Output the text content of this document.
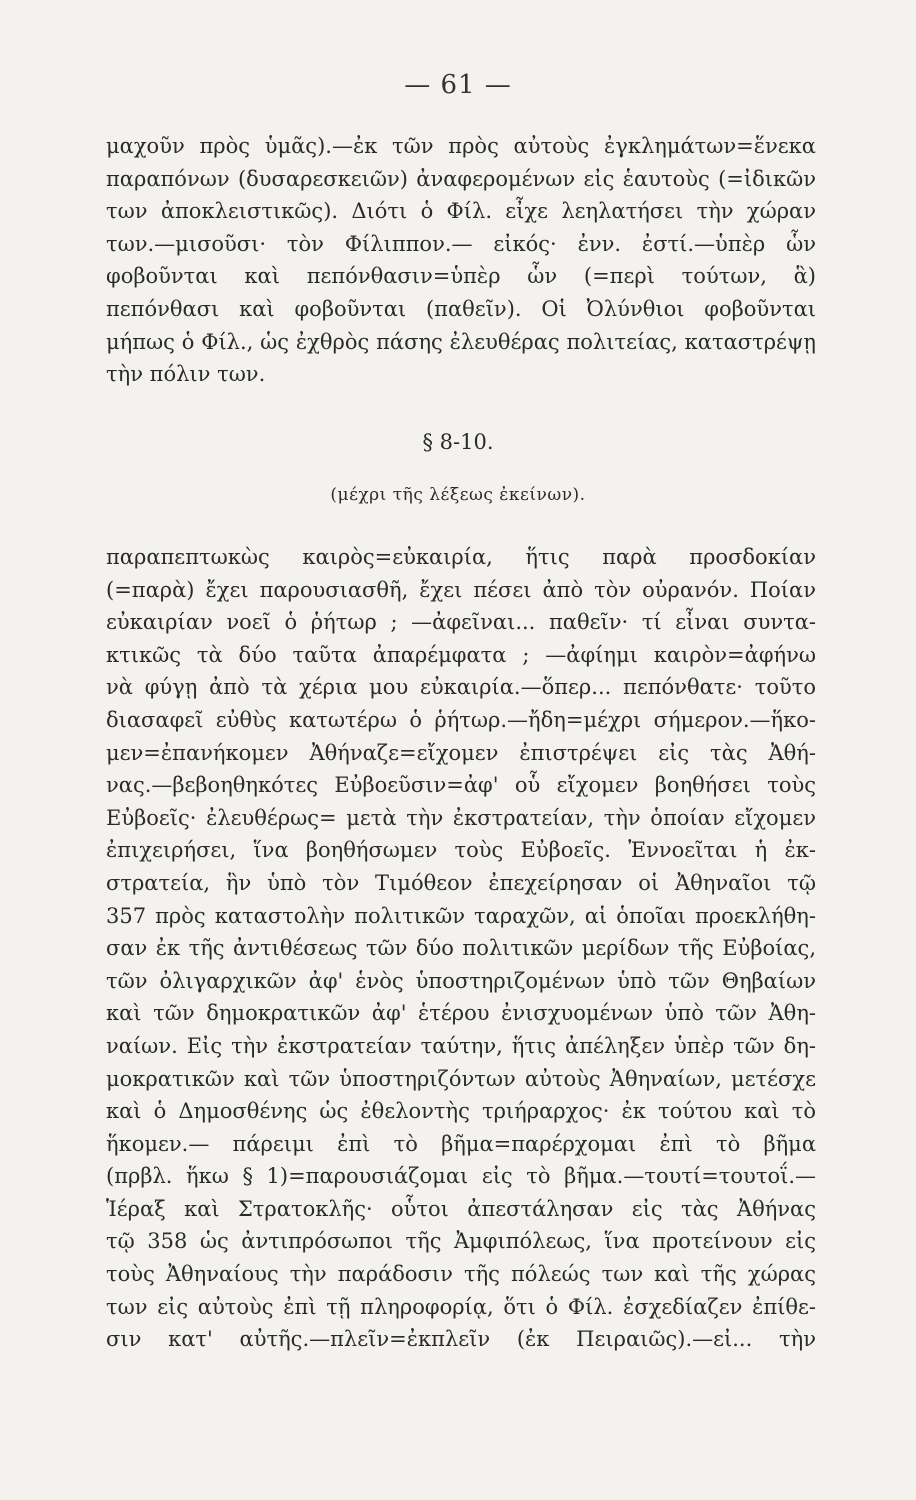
— 61 —
μαχοῦν πρὸς ὑμᾶς).—ἐκ τῶν πρὸς αὐτοὺς ἐγκλημάτων=ἕνεκα
παραπόνων (δυσαρεσκειῶν) ἀναφερομένων εἰς ἑαυτοὺς (=ἰδικῶν
των ἀποκλειστικῶς). Διότι ὁ Φίλ. εἶχε λεηλατήσει τὴν χώραν
των.—μισοῦσι· τὸν Φίλιππον.— εἰκός· ἐνν. ἐστί.—ὑπὲρ ὧν
φοβοῦνται καὶ πεπόνθασιν=ὑπὲρ ὧν (=περὶ τούτων, ἃ)
πεπόνθασι καὶ φοβοῦνται (παθεῖν). Οἱ Ὀλύνθιοι φοβοῦνται
μήπως ὁ Φίλ., ὡς ἐχθρὸς πάσης ἐλευθέρας πολιτείας, καταστρέψῃ
τὴν πόλιν των.
§ 8-10.
(μέχρι τῆς λέξεως ἐκείνων).
παραπεπτωκὼς καιρὸς=εὐκαιρία, ἥτις παρὰ προσδοκίαν
(=παρὰ) ἔχει παρουσιασθῆ, ἔχει πέσει ἀπὸ τὸν οὐρανόν. Ποίαν
εὐκαιρίαν νοεῖ ὁ ῥήτωρ ; —ἀφεῖναι... παθεῖν· τί εἶναι συντα-
κτικῶς τὰ δύο ταῦτα ἀπαρέμφατα ; —ἀφίημι καιρὸν=ἀφήνω
νὰ φύγῃ ἀπὸ τὰ χέρια μου εὐκαιρία.—ὅπερ... πεπόνθατε· τοῦτο
διασαφεῖ εὐθὺς κατωτέρω ὁ ῥήτωρ.—ἤδη=μέχρι σήμερον.—ἥκο-
μεν=ἐπανήκομεν Ἀθήναζε=εἴχομεν ἐπιστρέψει εἰς τὰς Ἀθή-
νας.—βεβοηθηκότες Εὐβοεῦσιν=ἀφ' οὗ εἴχομεν βοηθήσει τοὺς
Εὐβοεῖς· ἐλευθέρως= μετὰ τὴν ἐκστρατείαν, τὴν ὁποίαν εἴχομεν
ἐπιχειρήσει, ἵνα βοηθήσωμεν τοὺς Εὐβοεῖς. Ἐννοεῖται ἡ ἐκ-
στρατεία, ἣν ὑπὸ τὸν Τιμόθεον ἐπεχείρησαν οἱ Ἀθηναῖοι τῷ
357 πρὸς καταστολὴν πολιτικῶν ταραχῶν, αἱ ὁποῖαι προεκλήθη-
σαν ἐκ τῆς ἀντιθέσεως τῶν δύο πολιτικῶν μερίδων τῆς Εὐβοίας,
τῶν ὀλιγαρχικῶν ἀφ' ἑνὸς ὑποστηριζομένων ὑπὸ τῶν Θηβαίων
καὶ τῶν δημοκρατικῶν ἀφ' ἑτέρου ἐνισχυομένων ὑπὸ τῶν Ἀθη-
ναίων. Εἰς τὴν ἐκστρατείαν ταύτην, ἥτις ἀπέληξεν ὑπὲρ τῶν δη-
μοκρατικῶν καὶ τῶν ὑποστηριζόντων αὐτοὺς Ἀθηναίων, μετέσχε
καὶ ὁ Δημοσθένης ὡς ἐθελοντὴς τριήραρχος· ἐκ τούτου καὶ τὸ
ἥκομεν.— πάρειμι ἐπὶ τὸ βῆμα=παρέρχομαι ἐπὶ τὸ βῆμα
(πρβλ. ἥκω § 1)=παρουσιάζομαι εἰς τὸ βῆμα.—τουτί=τουτοΐ.—
Ἱέραξ καὶ Στρατοκλῆς· οὗτοι ἀπεστάλησαν εἰς τὰς Ἀθήνας
τῷ 358 ὡς ἀντιπρόσωποι τῆς Ἀμφιπόλεως, ἵνα προτείνουν εἰς
τοὺς Ἀθηναίους τὴν παράδοσιν τῆς πόλεώς των καὶ τῆς χώρας
των εἰς αὐτοὺς ἐπὶ τῇ πληροφορίᾳ, ὅτι ὁ Φίλ. ἐσχεδίαζεν ἐπίθε-
σιν κατ' αὐτῆς.—πλεῖν=ἐκπλεῖν (ἐκ Πειραιῶς).—εἰ... τὴν
